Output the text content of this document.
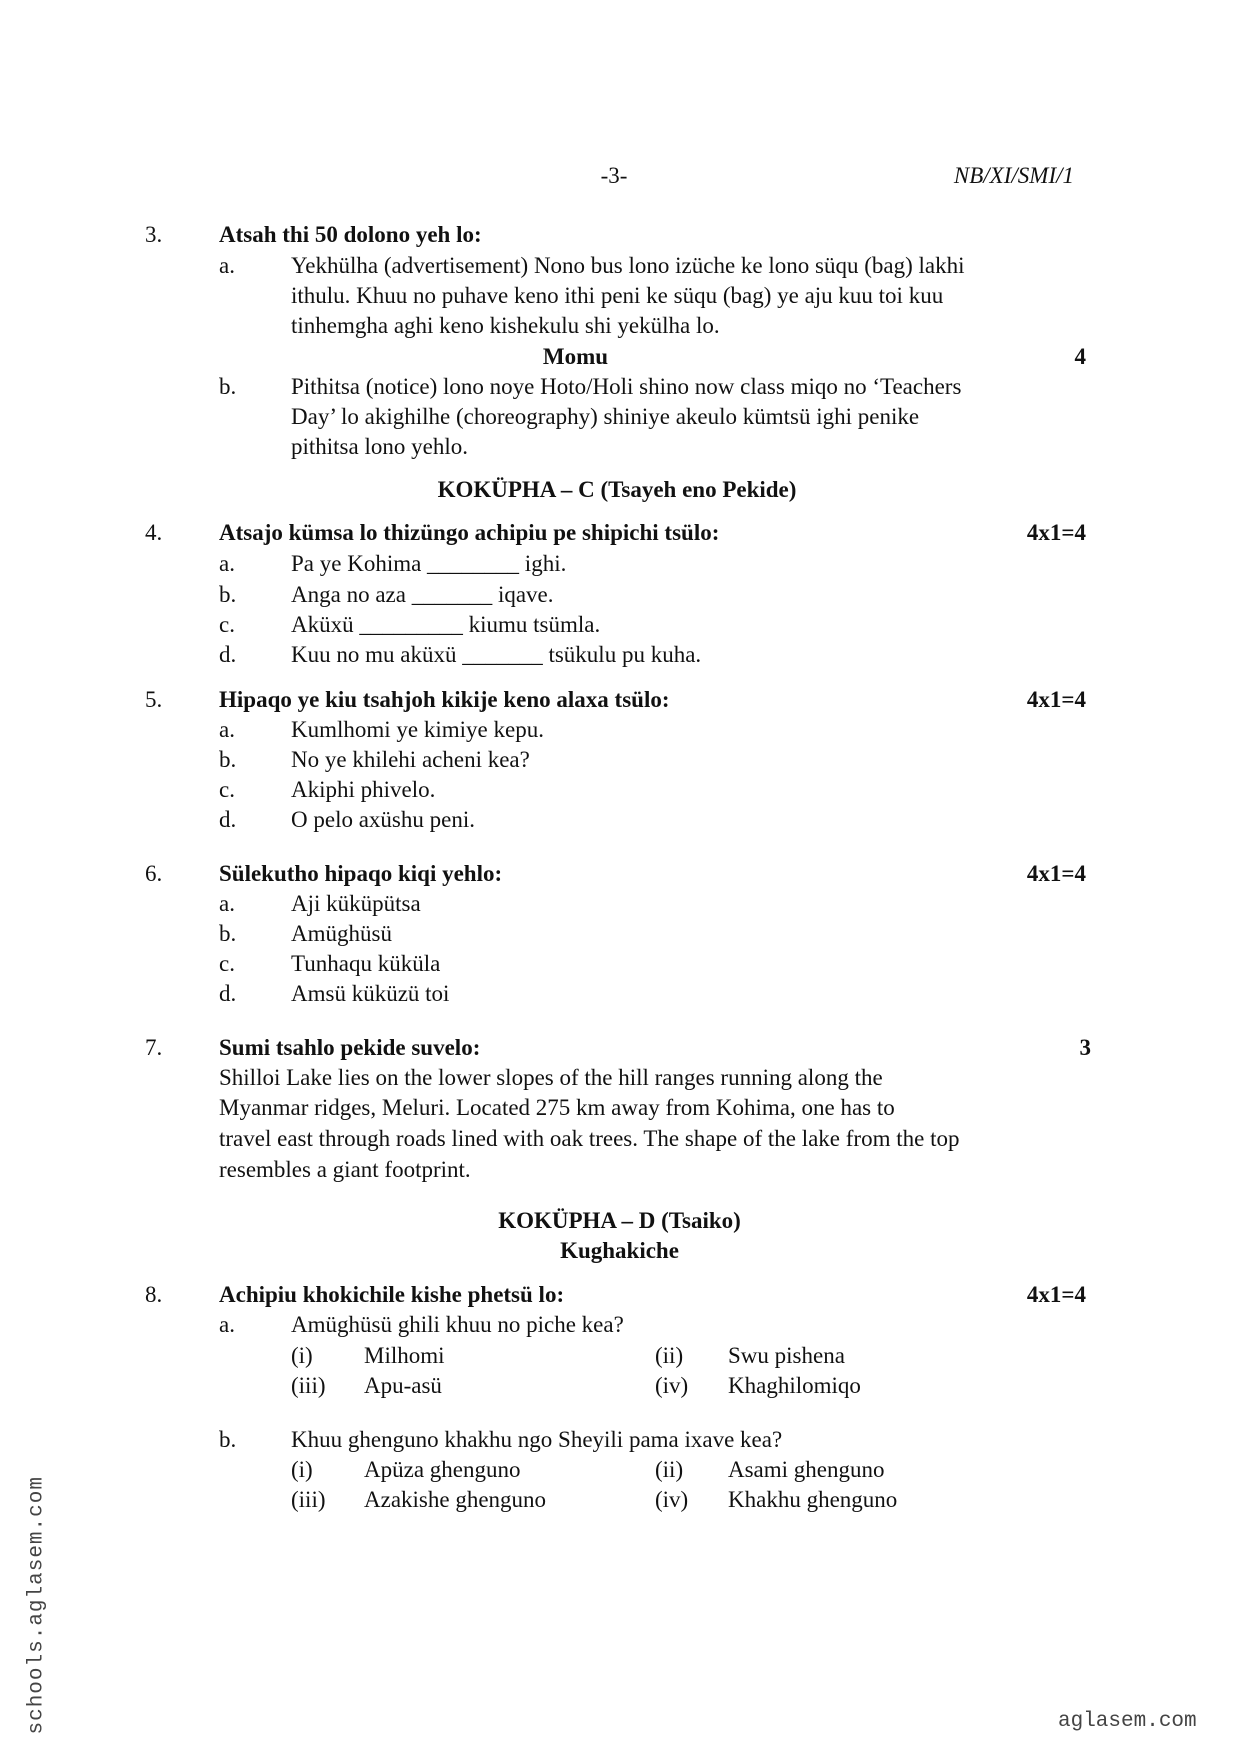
-3-	NB/XI/SMI/1
3. Atsah thi 50 dolono yeh lo:
a. Yekhülha (advertisement) Nono bus lono izüche ke lono süqu (bag) lakhi
ithulu. Khuu no puhave keno ithi peni ke süqu (bag) ye aju kuu toi kuu
tinhemgha aghi keno kishekulu shi yekülha lo.
Momu	4
b. Pithitsa (notice) lono noye Hoto/Holi shino now class miqo no ‘Teachers
Day’ lo akighilhe (choreography) shiniye akeulo kümtsü ighi penike
pithitsa lono yehlo.
KOKÜPHA – C (Tsayeh eno Pekide)
4. Atsajo kümsa lo thizüngo achipiu pe shipichi tsülo:	4x1=4
a. Pa ye Kohima ________ ighi.
b. Anga no aza _______ iqave.
c. Aküxü _________ kiumu tsümla.
d. Kuu no mu aküxü _______ tsükulu pu kuha.
5. Hipaqo ye kiu tsahjoh kikije keno alaxa tsülo:	4x1=4
a. Kumlhomi ye kimiye kepu.
b. No ye khilehi acheni kea?
c. Akiphi phivelo.
d. O pelo axüshu peni.
6. Sülekutho hipaqo kiqi yehlo:	4x1=4
a. Aji küküpütsa
b. Amüghüsü
c. Tunhaqu küküla
d. Amsü küküzü toi
7. Sumi tsahlo pekide suvelo:	3
Shilloi Lake lies on the lower slopes of the hill ranges running along the
Myanmar ridges, Meluri. Located 275 km away from Kohima, one has to
travel east through roads lined with oak trees. The shape of the lake from the top
resembles a giant footprint.
KOKÜPHA – D (Tsaiko)
Kughakiche
8. Achipiu khokichile kishe phetsü lo:	4x1=4
a. Amüghüsü ghili khuu no piche kea?
(i) Milhomi	(ii) Swu pishena
(iii) Apu-asü	(iv) Khaghilomiqo
b. Khuu ghenguno khakhu ngo Sheyili pama ixave kea?
(i) Apüza ghenguno	(ii) Asami ghenguno
(iii) Azakishe ghenguno	(iv) Khakhu ghenguno
schools.aglasem.com	aglasem.com
